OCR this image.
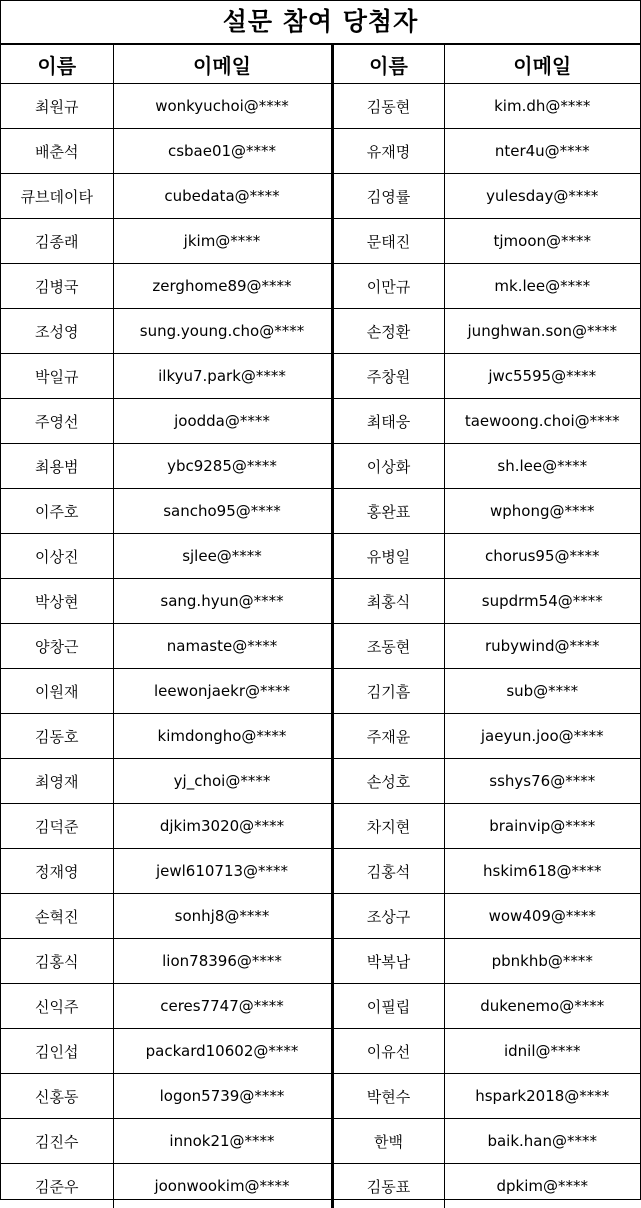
설문 참여 당첨자
이름	이메일	이름	이메일
최원규	wonkyuchoi@****	김동현	kim.dh@****
배춘석	csbae01@****	유재명	nter4u@****
큐브데이타	cubedata@****	김영률	yulesday@****
김종래	jkim@****	문태진	tjmoon@****
김병국	zerghome89@****	이만규	mk.lee@****
조성영	sung.young.cho@****	손정환	junghwan.son@****
박일규	ilkyu7.park@****	주창원	jwc5595@****
주영선	joodda@****	최태웅	taewoong.choi@****
최용범	ybc9285@****	이상화	sh.lee@****
이주호	sancho95@****	홍완표	wphong@****
이상진	sjlee@****	유병일	chorus95@****
박상현	sang.hyun@****	최홍식	supdrm54@****
양창근	namaste@****	조동현	rubywind@****
이원재	leewonjaekr@****	김기흠	sub@****
김동호	kimdongho@****	주재윤	jaeyun.joo@****
최영재	yj_choi@****	손성호	sshys76@****
김덕준	djkim3020@****	차지현	brainvip@****
정재영	jewl610713@****	김홍석	hskim618@****
손혁진	sonhj8@****	조상구	wow409@****
김홍식	lion78396@****	박복남	pbnkhb@****
신익주	ceres7747@****	이필립	dukenemo@****
김인섭	packard10602@****	이유선	idnil@****
신홍동	logon5739@****	박현수	hspark2018@****
김진수	innok21@****	한백	baik.han@****
김준우	joonwookim@****	김동표	dpkim@****
